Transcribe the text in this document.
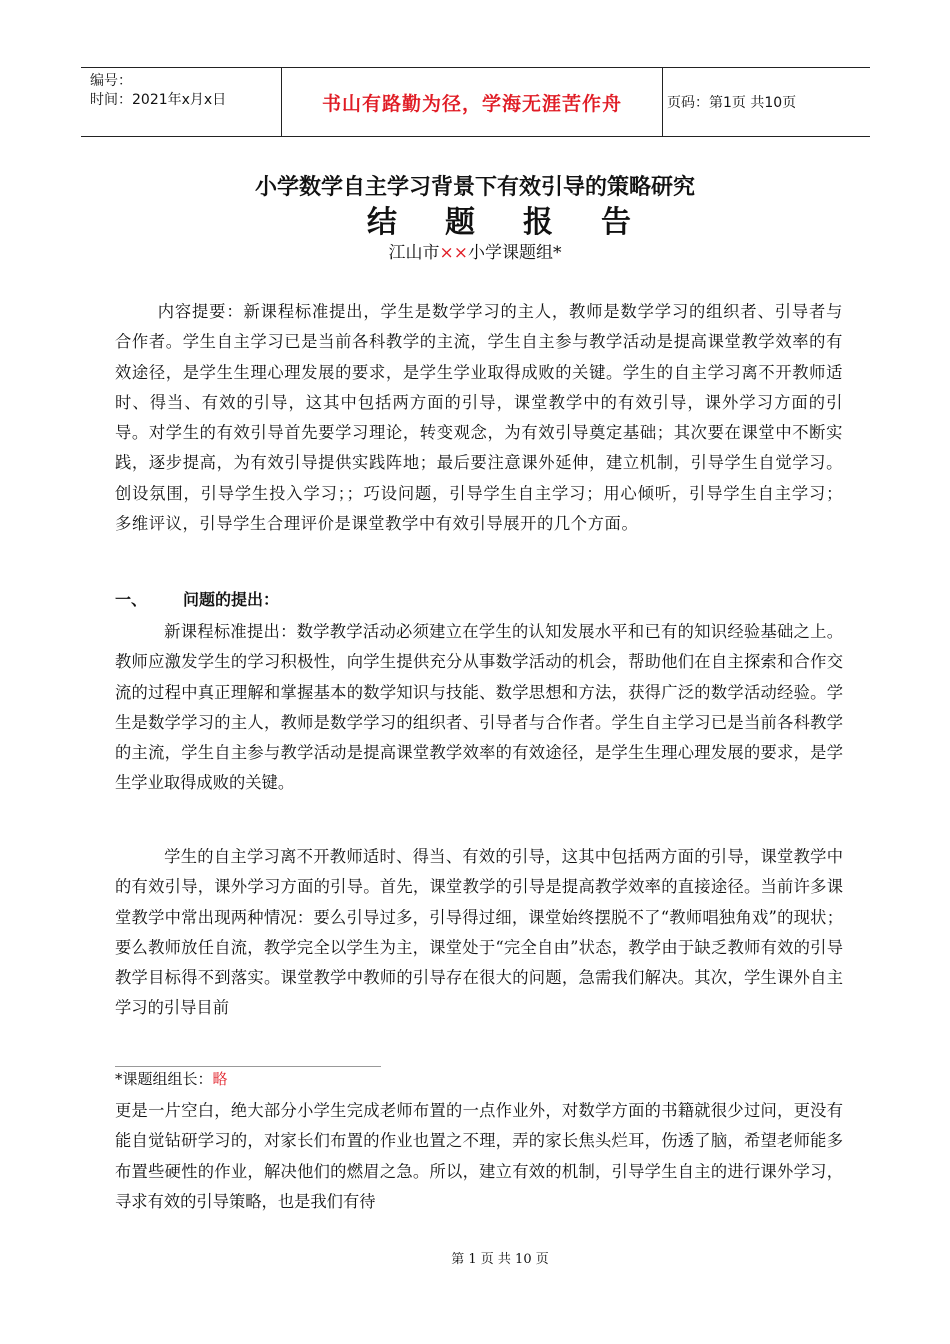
编号：
时间：2021年x月x日	书山有路勤为径，学海无涯苦作舟	页码：第1页 共10页
小学数学自主学习背景下有效引导的策略研究
结题报告
江山市××小学课题组*

   内容提要：新课程标准提出，学生是数学学习的主人，教师是数学学习的组织者、引导者与合作者。学生自主学习已是当前各科教学的主流，学生自主参与教学活动是提高课堂教学效率的有效途径，是学生生理心理发展的要求，是学生学业取得成败的关键。学生的自主学习离不开教师适时、得当、有效的引导，这其中包括两方面的引导，课堂教学中的有效引导，课外学习方面的引导。对学生的有效引导首先要学习理论，转变观念，为有效引导奠定基础；其次要在课堂中不断实践，逐步提高，为有效引导提供实践阵地；最后要注意课外延伸，建立机制，引导学生自觉学习。创设氛围，引导学生投入学习；；巧设问题，引导学生自主学习；用心倾听，引导学生自主学习；多维评议，引导学生合理评价是课堂教学中有效引导展开的几个方面。

一、 问题的提出：

   新课程标准提出：数学教学活动必须建立在学生的认知发展水平和已有的知识经验基础之上。教师应激发学生的学习积极性，向学生提供充分从事数学活动的机会，帮助他们在自主探索和合作交流的过程中真正理解和掌握基本的数学知识与技能、数学思想和方法，获得广泛的数学活动经验。学生是数学学习的主人，教师是数学学习的组织者、引导者与合作者。学生自主学习已是当前各科教学的主流，学生自主参与教学活动是提高课堂教学效率的有效途径，是学生生理心理发展的要求，是学生学业取得成败的关键。

   学生的自主学习离不开教师适时、得当、有效的引导，这其中包括两方面的引导，课堂教学中的有效引导，课外学习方面的引导。首先，课堂教学的引导是提高教学效率的直接途径。当前许多课堂教学中常出现两种情况：要么引导过多，引导得过细，课堂始终摆脱不了“教师唱独角戏”的现状；要么教师放任自流，教学完全以学生为主，课堂处于“完全自由”状态，教学由于缺乏教师有效的引导教学目标得不到落实。课堂教学中教师的引导存在很大的问题，急需我们解决。其次，学生课外自主学习的引导目前

*课题组组长：略

更是一片空白，绝大部分小学生完成老师布置的一点作业外，对数学方面的书籍就很少过问，更没有能自觉钻研学习的，对家长们布置的作业也置之不理，弄的家长焦头烂耳，伤透了脑，希望老师能多布置些硬性的作业，解决他们的燃眉之急。所以，建立有效的机制，引导学生自主的进行课外学习，寻求有效的引导策略，也是我们有待

第 1 页 共 10 页
